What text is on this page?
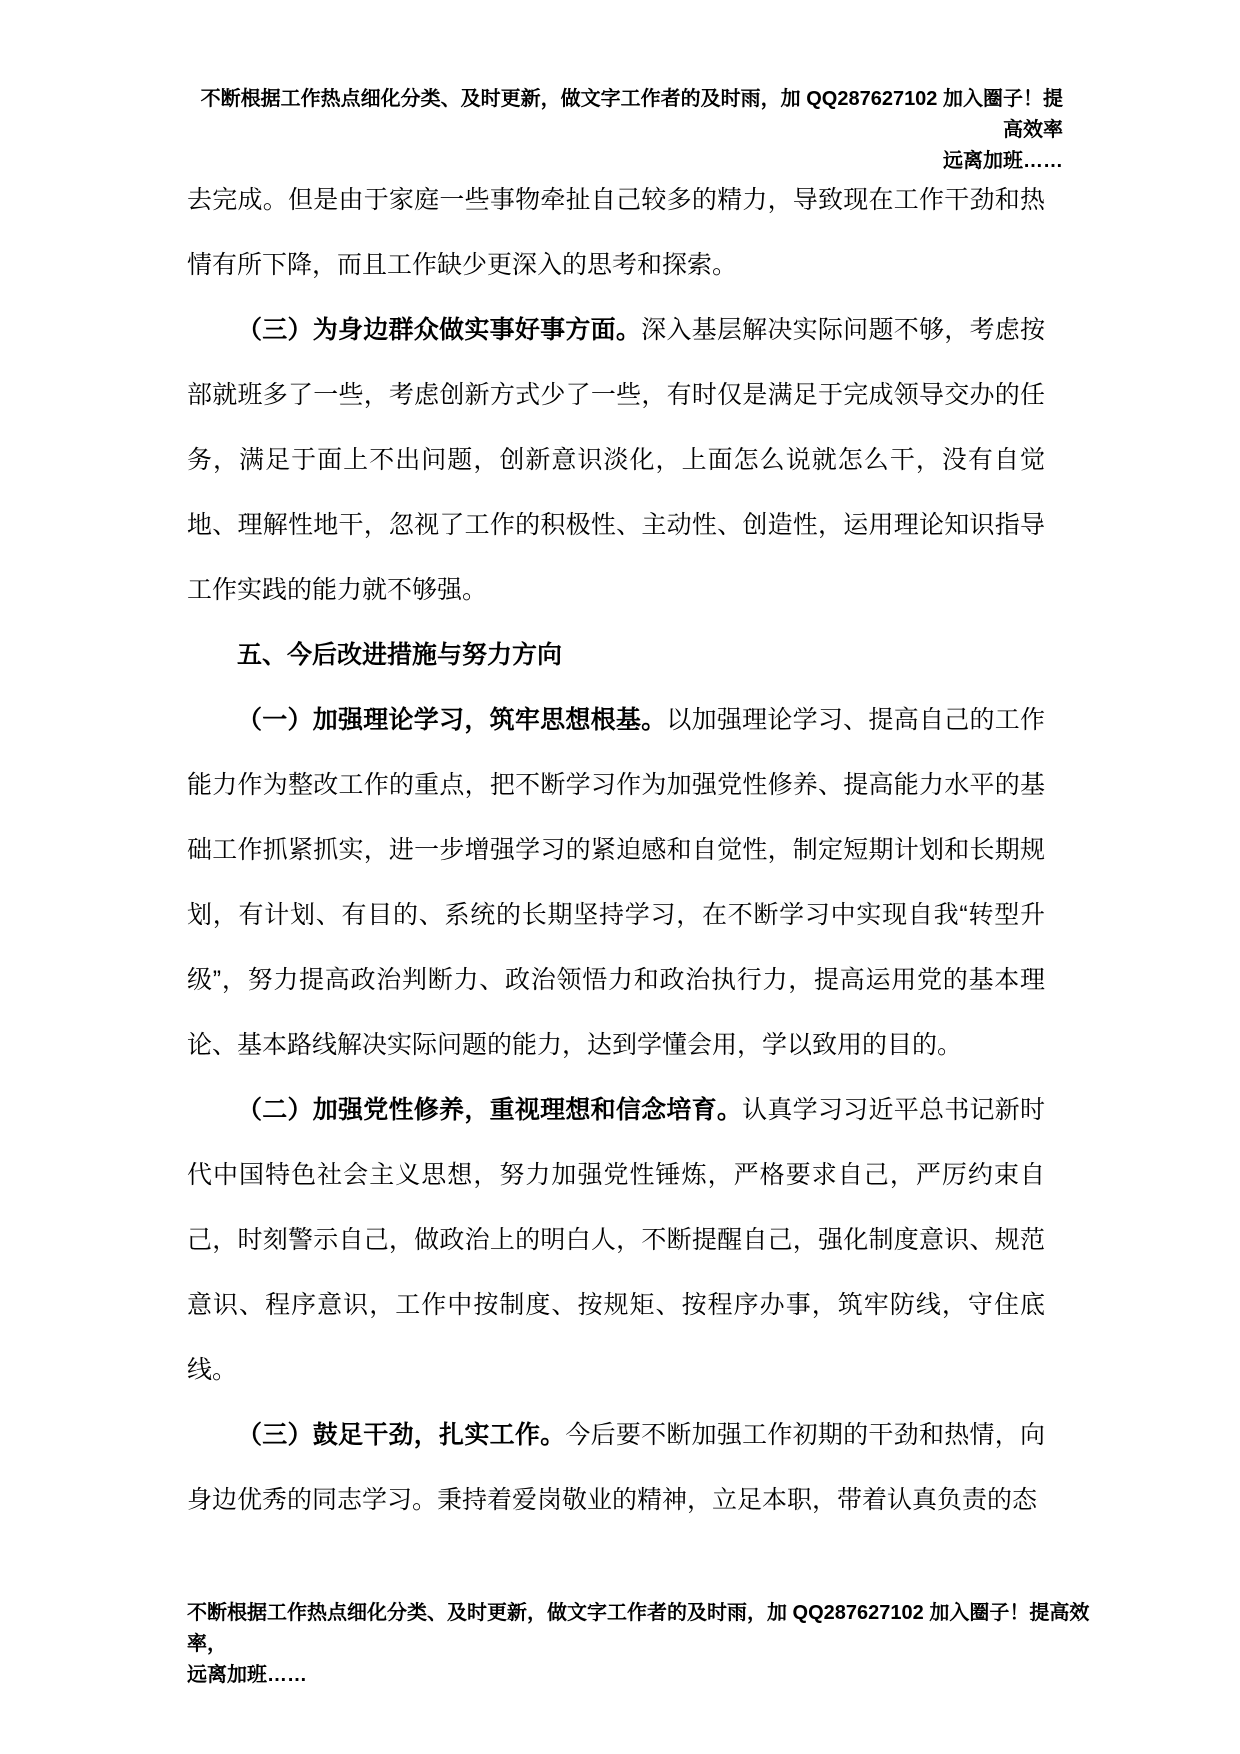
不断根据工作热点细化分类、及时更新，做文字工作者的及时雨，加 QQ287627102 加入圈子！提高效率
远离加班……

去完成。但是由于家庭一些事物牵扯自己较多的精力，导致现在工作干劲和热情有所下降，而且工作缺少更深入的思考和探索。

（三）为身边群众做实事好事方面。深入基层解决实际问题不够，考虑按部就班多了一些，考虑创新方式少了一些，有时仅是满足于完成领导交办的任务，满足于面上不出问题，创新意识淡化，上面怎么说就怎么干，没有自觉地、理解性地干，忽视了工作的积极性、主动性、创造性，运用理论知识指导工作实践的能力就不够强。

五、今后改进措施与努力方向

（一）加强理论学习，筑牢思想根基。以加强理论学习、提高自己的工作能力作为整改工作的重点，把不断学习作为加强党性修养、提高能力水平的基础工作抓紧抓实，进一步增强学习的紧迫感和自觉性，制定短期计划和长期规划，有计划、有目的、系统的长期坚持学习，在不断学习中实现自我“转型升级”，努力提高政治判断力、政治领悟力和政治执行力，提高运用党的基本理论、基本路线解决实际问题的能力，达到学懂会用，学以致用的目的。

（二）加强党性修养，重视理想和信念培育。认真学习习近平总书记新时代中国特色社会主义思想，努力加强党性锤炼，严格要求自己，严厉约束自己，时刻警示自己，做政治上的明白人，不断提醒自己，强化制度意识、规范意识、程序意识，工作中按制度、按规矩、按程序办事，筑牢防线，守住底线。

（三）鼓足干劲，扎实工作。今后要不断加强工作初期的干劲和热情，向身边优秀的同志学习。秉持着爱岗敬业的精神，立足本职，带着认真负责的态

不断根据工作热点细化分类、及时更新，做文字工作者的及时雨，加 QQ287627102 加入圈子！提高效率，
远离加班……
